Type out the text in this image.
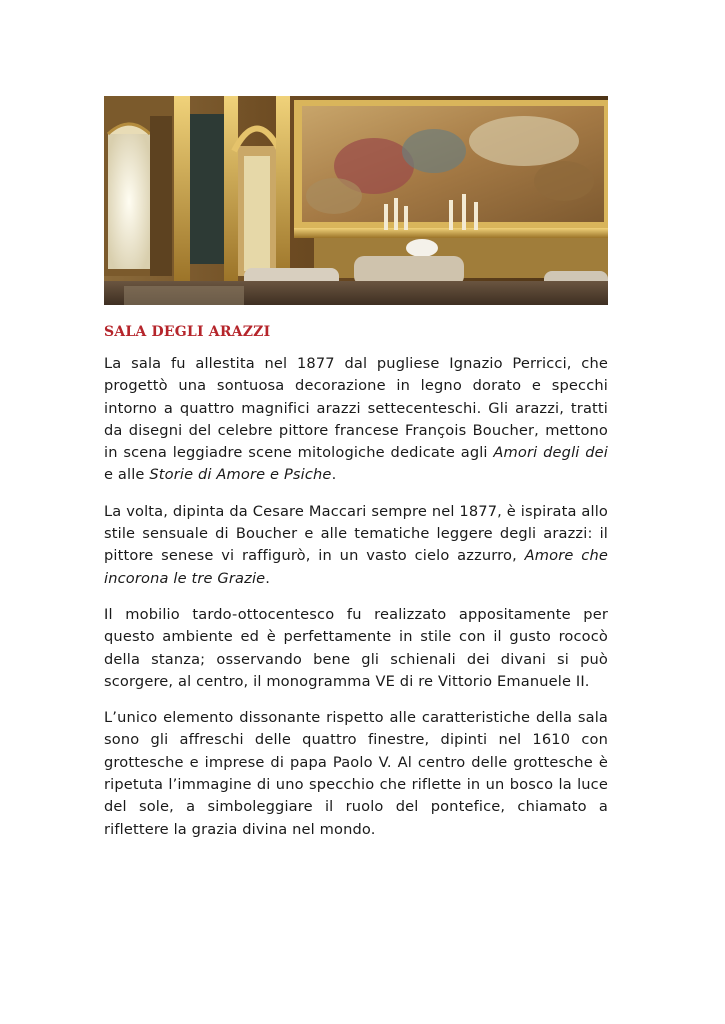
SALA DEGLI ARAZZI

La sala fu allestita nel 1877 dal pugliese Ignazio Perricci, che progettò una sontuosa decorazione in legno dorato e specchi intorno a quattro magnifici arazzi settecenteschi. Gli arazzi, tratti da disegni del celebre pittore francese François Boucher, mettono in scena leggiadre scene mitologiche dedicate agli Amori degli dei e alle Storie di Amore e Psiche.

La volta, dipinta da Cesare Maccari sempre nel 1877, è ispirata allo stile sensuale di Boucher e alle tematiche leggere degli arazzi: il pittore senese vi raffigurò, in un vasto cielo azzurro, Amore che incorona le tre Grazie.

Il mobilio tardo-ottocentesco fu realizzato appositamente per questo ambiente ed è perfettamente in stile con il gusto rococò della stanza; osservando bene gli schienali dei divani si può scorgere, al centro, il monogramma VE di re Vittorio Emanuele II.

L’unico elemento dissonante rispetto alle caratteristiche della sala sono gli affreschi delle quattro finestre, dipinti nel 1610 con grottesche e imprese di papa Paolo V. Al centro delle grottesche è ripetuta l’immagine di uno specchio che riflette in un bosco la luce del sole, a simboleggiare il ruolo del pontefice, chiamato a riflettere la grazia divina nel mondo.
